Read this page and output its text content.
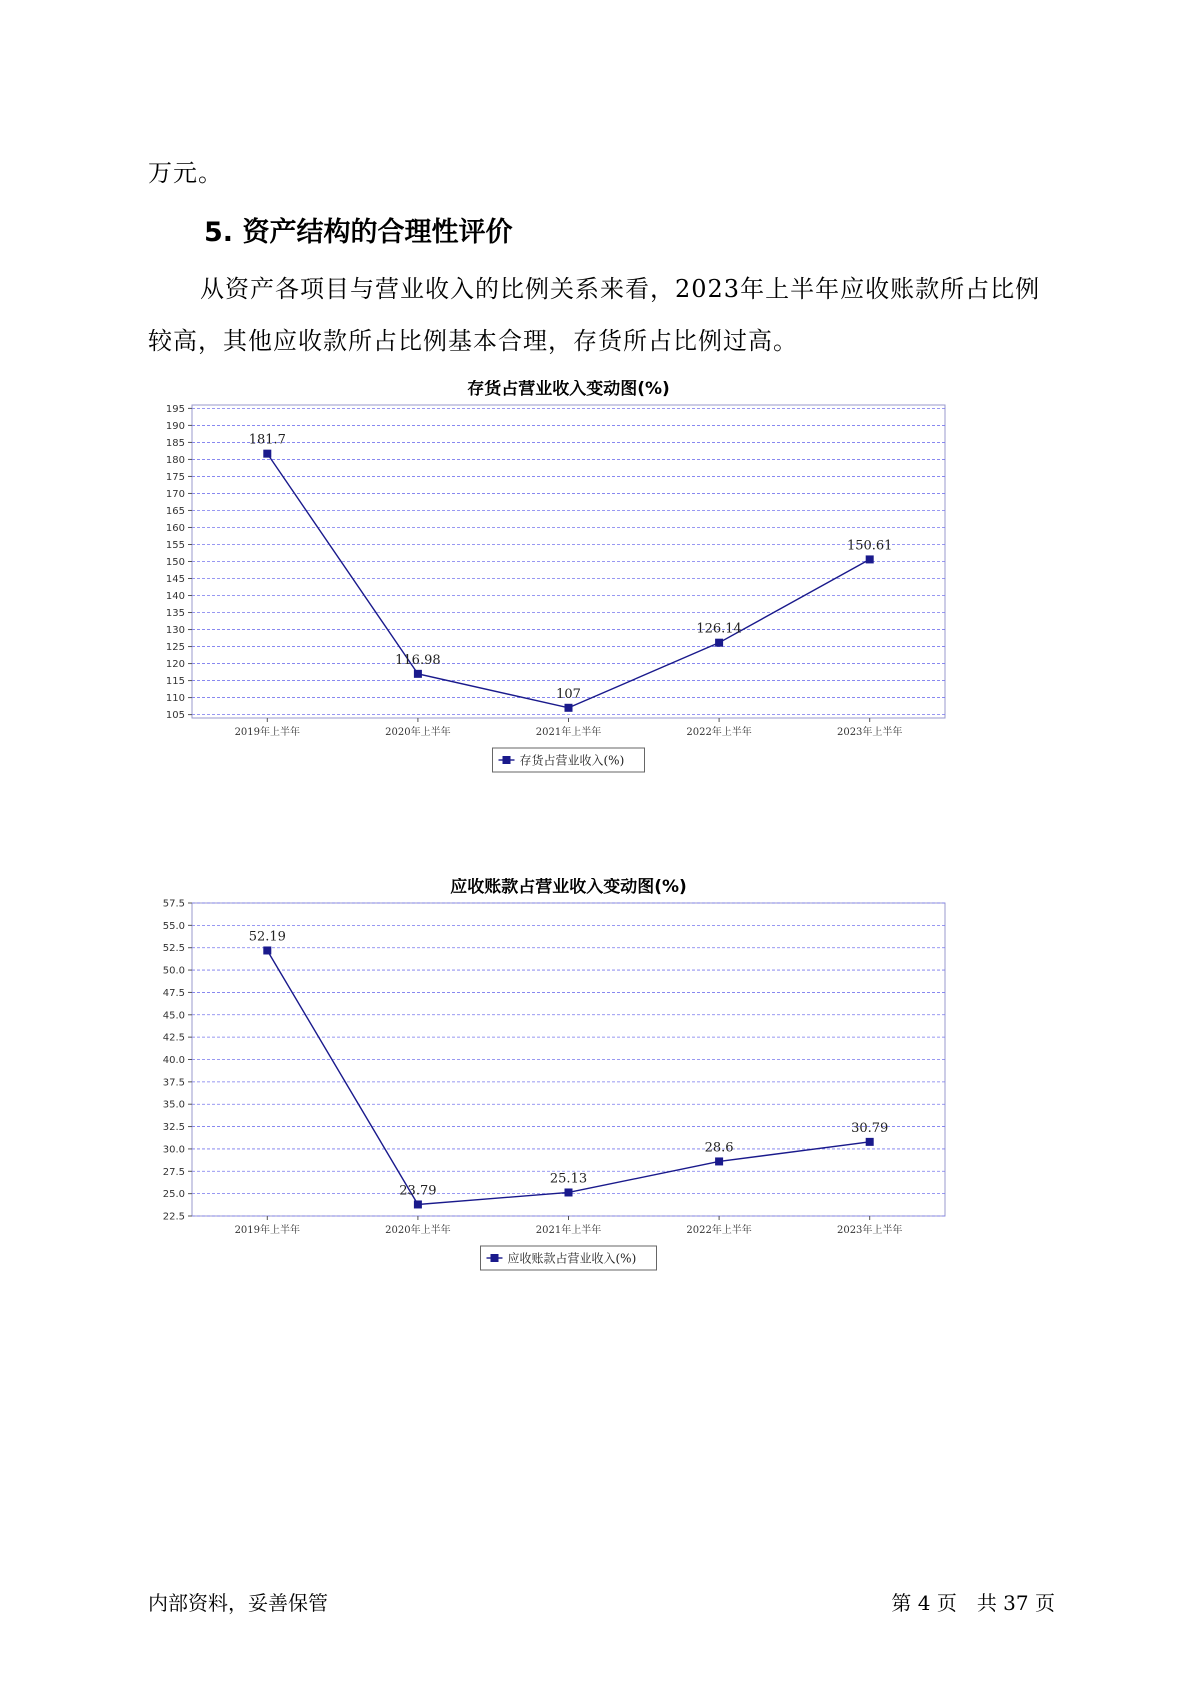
万元。

5. 资产结构的合理性评价

从资产各项目与营业收入的比例关系来看，2023年上半年应收账款所占比例较高，其他应收款所占比例基本合理，存货所占比例过高。

存货占营业收入变动图(%)
105
110
115
120
125
130
135
140
145
150
155
160
165
170
175
180
185
190
195
2019年上半年	2020年上半年	2021年上半年	2022年上半年	2023年上半年
181.7
116.98
107
126.14
150.61
存货占营业收入(%)
应收账款占营业收入变动图(%)
22.5
25.0
27.5
30.0
32.5
35.0
37.5
40.0
42.5
45.0
47.5
50.0
52.5
55.0
57.5
2019年上半年	2020年上半年	2021年上半年	2022年上半年	2023年上半年
52.19
23.79
25.13
28.6
30.79
应收账款占营业收入(%)
内部资料，妥善保管	第 4 页　共 37 页
